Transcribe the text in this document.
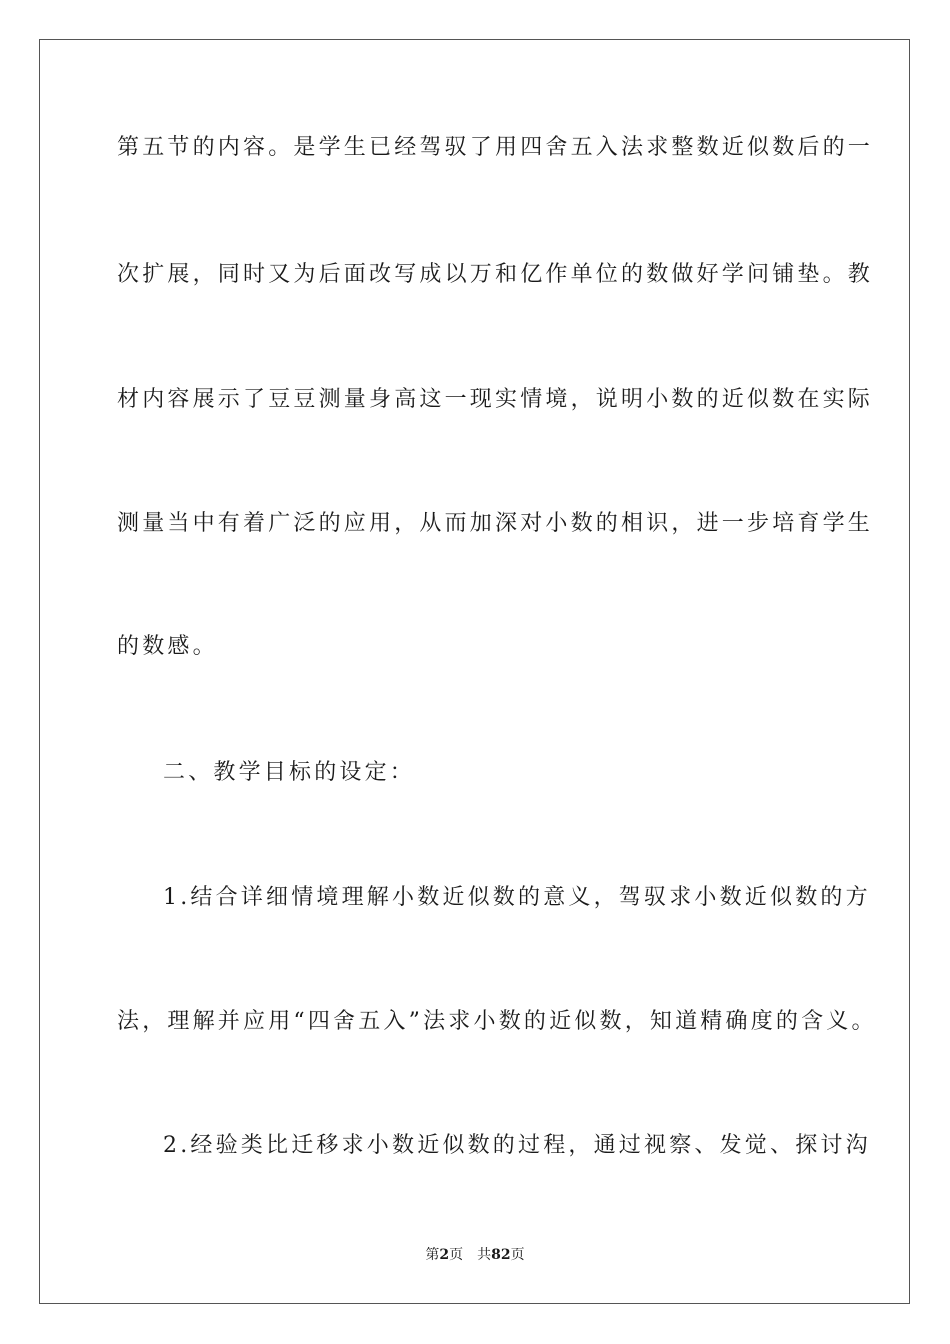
第五节的内容。是学生已经驾驭了用四舍五入法求整数近似数后的一
次扩展，同时又为后面改写成以万和亿作单位的数做好学问铺垫。教
材内容展示了豆豆测量身高这一现实情境，说明小数的近似数在实际
测量当中有着广泛的应用，从而加深对小数的相识，进一步培育学生
的数感。
二、教学目标的设定：
1.结合详细情境理解小数近似数的意义，驾驭求小数近似数的方
法，理解并应用“四舍五入”法求小数的近似数，知道精确度的含义。
2.经验类比迁移求小数近似数的过程，通过视察、发觉、探讨沟
第2页 共82页
